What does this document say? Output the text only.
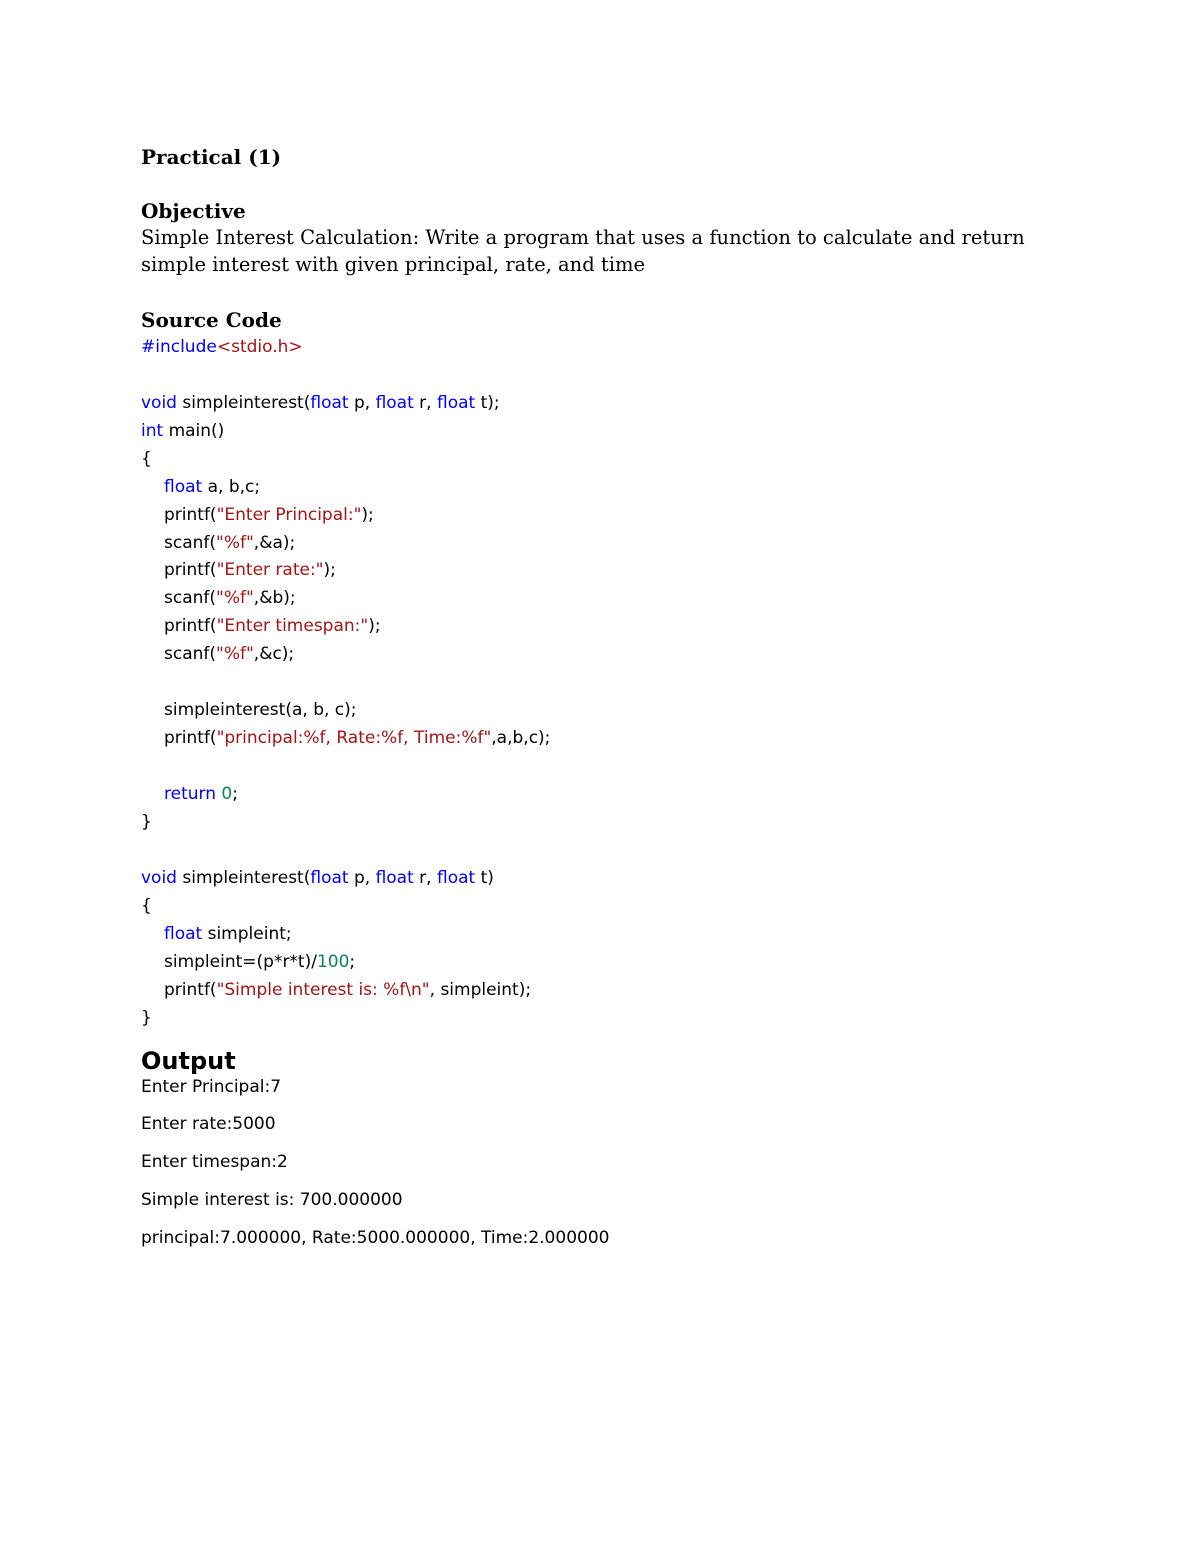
Practical (1)
Objective
Simple Interest Calculation: Write a program that uses a function to calculate and return simple interest with given principal, rate, and time
Source Code
#include<stdio.h>
void simpleinterest(float p, float r, float t);
int main()
{
float a, b,c;
printf("Enter Principal:");
scanf("%f",&a);
printf("Enter rate:");
scanf("%f",&b);
printf("Enter timespan:");
scanf("%f",&c);
simpleinterest(a, b, c);
printf("principal:%f, Rate:%f, Time:%f",a,b,c);
return 0;
}
void simpleinterest(float p, float r, float t)
{
float simpleint;
simpleint=(p*r*t)/100;
printf("Simple interest is: %f\n", simpleint);
}
Output
Enter Principal:7
Enter rate:5000
Enter timespan:2
Simple interest is: 700.000000
principal:7.000000, Rate:5000.000000, Time:2.000000
